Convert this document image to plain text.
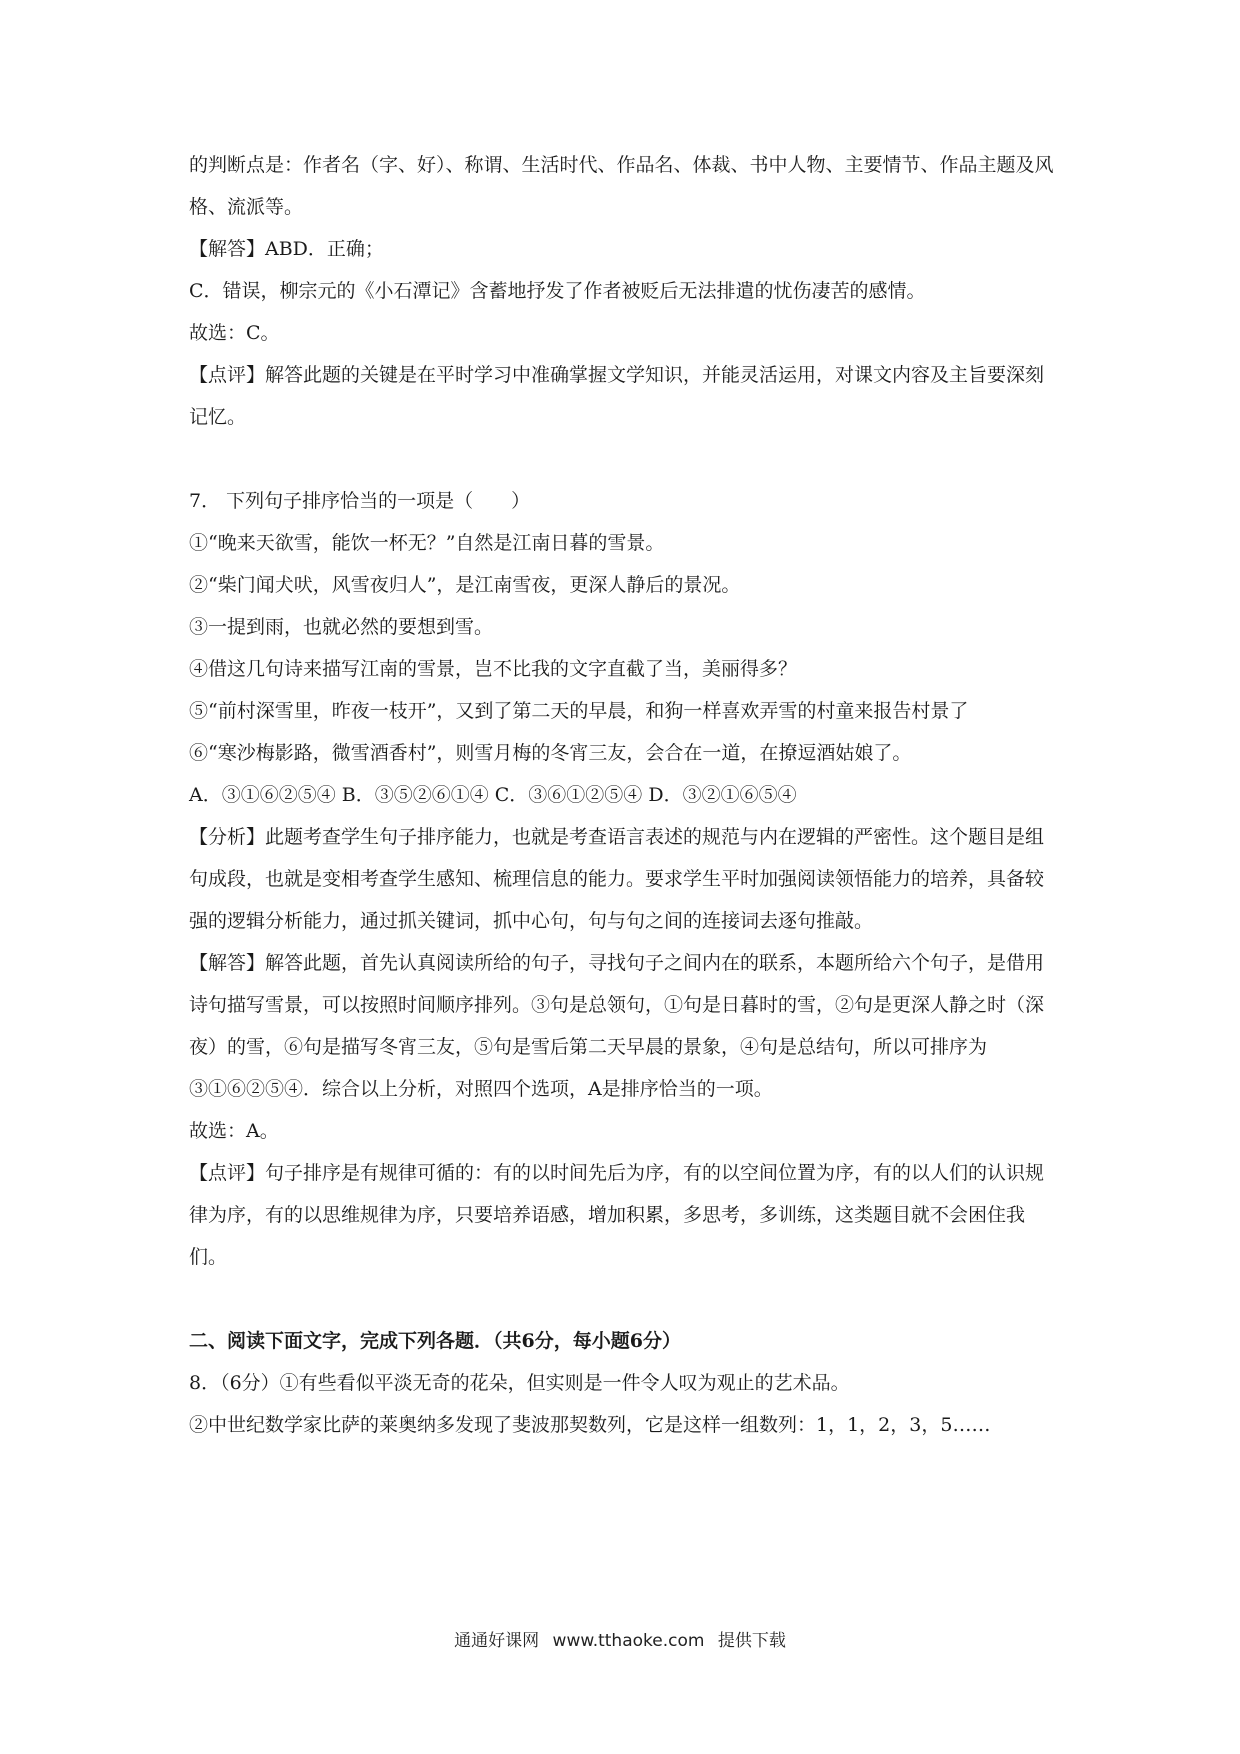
的判断点是：作者名（字、好）、称谓、生活时代、作品名、体裁、书中人物、主要情节、作品主题及风格、流派等。

【解答】ABD．正确；

C．错误，柳宗元的《小石潭记》含蓄地抒发了作者被贬后无法排遣的忧伤凄苦的感情。

故选：C。

【点评】解答此题的关键是在平时学习中准确掌握文学知识，并能灵活运用，对课文内容及主旨要深刻记忆。

7． 下列句子排序恰当的一项是（　　）

①“晚来天欲雪，能饮一杯无？”自然是江南日暮的雪景。

②“柴门闻犬吠，风雪夜归人”，是江南雪夜，更深人静后的景况。

③一提到雨，也就必然的要想到雪。

④借这几句诗来描写江南的雪景，岂不比我的文字直截了当，美丽得多？

⑤“前村深雪里，昨夜一枝开”，又到了第二天的早晨，和狗一样喜欢弄雪的村童来报告村景了

⑥“寒沙梅影路，微雪酒香村”，则雪月梅的冬宵三友，会合在一道，在撩逗酒姑娘了。

A．③①⑥②⑤④ B．③⑤②⑥①④ C．③⑥①②⑤④ D．③②①⑥⑤④

【分析】此题考查学生句子排序能力，也就是考查语言表述的规范与内在逻辑的严密性。这个题目是组句成段，也就是变相考查学生感知、梳理信息的能力。要求学生平时加强阅读领悟能力的培养，具备较强的逻辑分析能力，通过抓关键词，抓中心句，句与句之间的连接词去逐句推敲。

【解答】解答此题，首先认真阅读所给的句子，寻找句子之间内在的联系，本题所给六个句子，是借用诗句描写雪景，可以按照时间顺序排列。③句是总领句，①句是日暮时的雪，②句是更深人静之时（深夜）的雪，⑥句是描写冬宵三友，⑤句是雪后第二天早晨的景象，④句是总结句，所以可排序为③①⑥②⑤④．综合以上分析，对照四个选项，A是排序恰当的一项。

故选：A。

【点评】句子排序是有规律可循的：有的以时间先后为序，有的以空间位置为序，有的以人们的认识规律为序，有的以思维规律为序，只要培养语感，增加积累，多思考，多训练，这类题目就不会困住我们。

二、阅读下面文字，完成下列各题．（共6分，每小题6分）

8．（6分）①有些看似平淡无奇的花朵，但实则是一件令人叹为观止的艺术品。

②中世纪数学家比萨的莱奥纳多发现了斐波那契数列，它是这样一组数列：1，1，2，3，5……

通通好课网 www.tthaoke.com 提供下载
